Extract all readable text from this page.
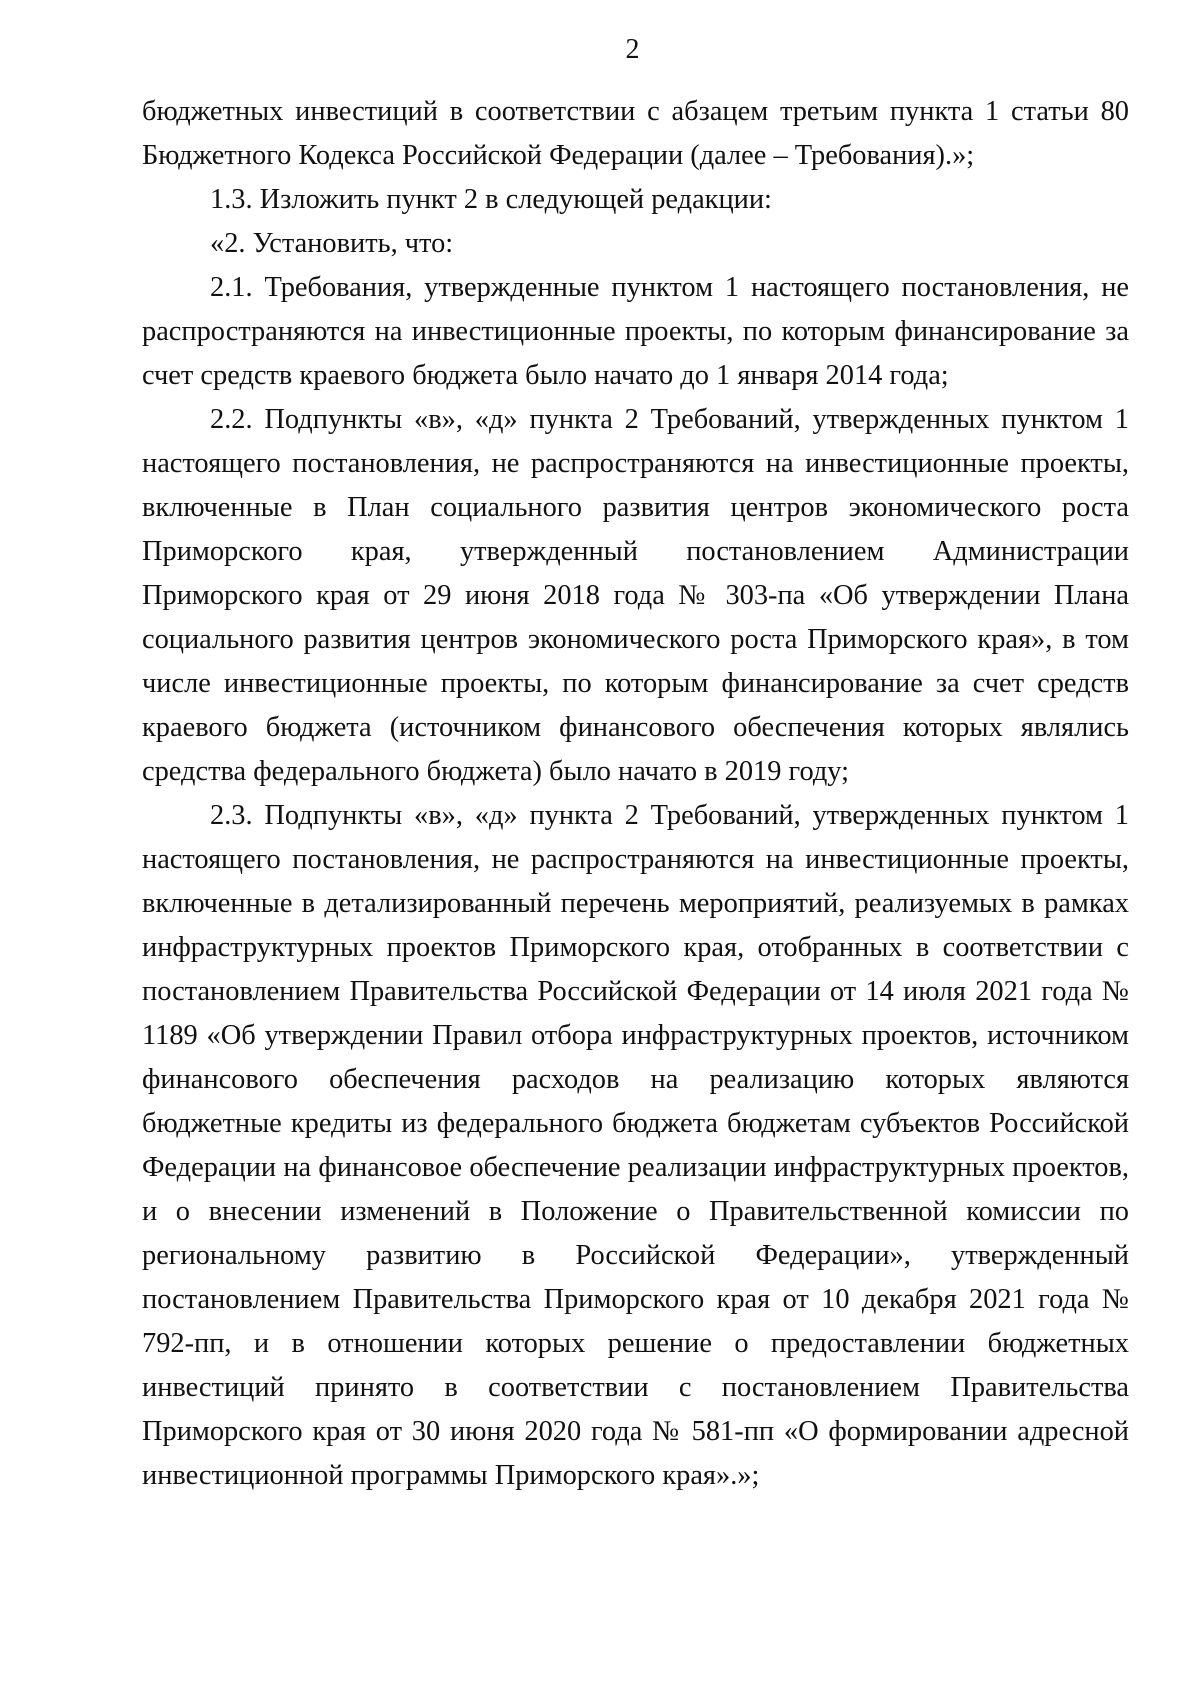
2

бюджетных инвестиций в соответствии с абзацем третьим пункта 1 статьи 80 Бюджетного Кодекса Российской Федерации (далее – Требования).»;

1.3. Изложить пункт 2 в следующей редакции:

«2. Установить, что:

2.1. Требования, утвержденные пунктом 1 настоящего постановления, не распространяются на инвестиционные проекты, по которым финансирование за счет средств краевого бюджета было начато до 1 января 2014 года;

2.2. Подпункты «в», «д» пункта 2 Требований, утвержденных пунктом 1 настоящего постановления, не распространяются на инвестиционные проекты, включенные в План социального развития центров экономического роста Приморского края, утвержденный постановлением Администрации Приморского края от 29 июня 2018 года № 303-па «Об утверждении Плана социального развития центров экономического роста Приморского края», в том числе инвестиционные проекты, по которым финансирование за счет средств краевого бюджета (источником финансового обеспечения которых являлись средства федерального бюджета) было начато в 2019 году;

2.3. Подпункты «в», «д» пункта 2 Требований, утвержденных пунктом 1 настоящего постановления, не распространяются на инвестиционные проекты, включенные в детализированный перечень мероприятий, реализуемых в рамках инфраструктурных проектов Приморского края, отобранных в соответствии с постановлением Правительства Российской Федерации от 14 июля 2021 года № 1189 «Об утверждении Правил отбора инфраструктурных проектов, источником финансового обеспечения расходов на реализацию которых являются бюджетные кредиты из федерального бюджета бюджетам субъектов Российской Федерации на финансовое обеспечение реализации инфраструктурных проектов, и о внесении изменений в Положение о Правительственной комиссии по региональному развитию в Российской Федерации», утвержденный постановлением Правительства Приморского края от 10 декабря 2021 года № 792-пп, и в отношении которых решение о предоставлении бюджетных инвестиций принято в соответствии с постановлением Правительства Приморского края от 30 июня 2020 года № 581-пп «О формировании адресной инвестиционной программы Приморского края».»;
